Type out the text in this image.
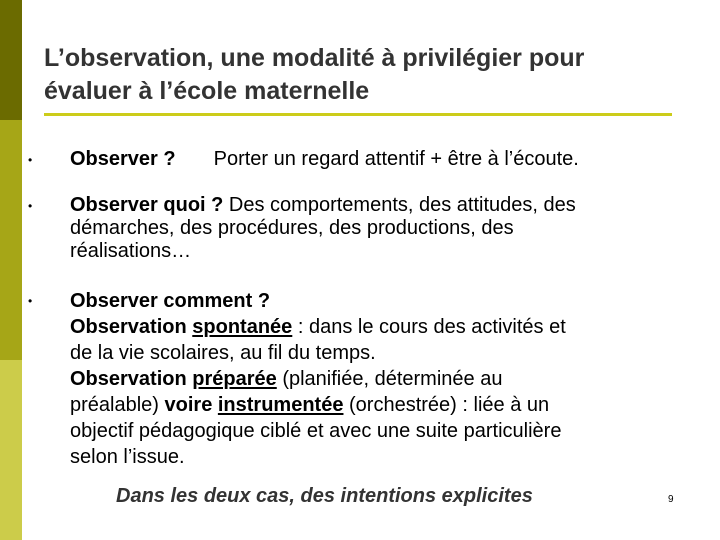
L’observation, une modalité à privilégier pour
évaluer à l’école maternelle
• Observer ? Porter un regard attentif + être à l’écoute.
• Observer quoi ? Des comportements, des attitudes, des
démarches, des procédures, des productions, des
réalisations…
• Observer comment ?
Observation spontanée : dans le cours des activités et
de la vie scolaires, au fil du temps.
Observation préparée (planifiée, déterminée au
préalable) voire instrumentée (orchestrée) : liée à un
objectif pédagogique ciblé et avec une suite particulière
selon l’issue.
Dans les deux cas, des intentions explicites	9
